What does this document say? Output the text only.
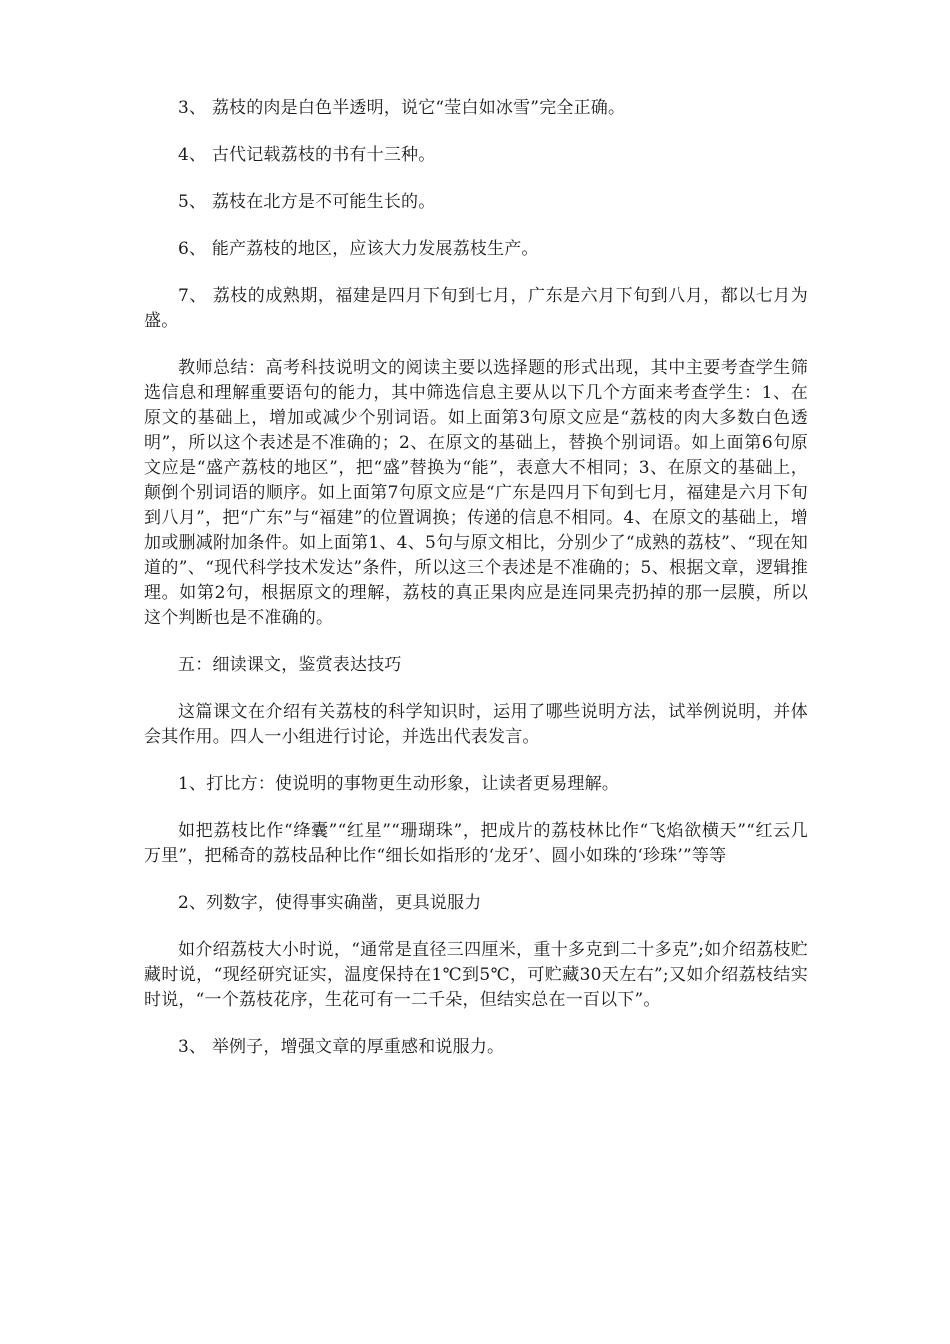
3、 荔枝的肉是白色半透明，说它“莹白如冰雪”完全正确。

4、 古代记载荔枝的书有十三种。

5、 荔枝在北方是不可能生长的。

6、 能产荔枝的地区，应该大力发展荔枝生产。

7、 荔枝的成熟期，福建是四月下旬到七月，广东是六月下旬到八月，都以七月为盛。

教师总结：高考科技说明文的阅读主要以选择题的形式出现，其中主要考查学生筛选信息和理解重要语句的能力，其中筛选信息主要从以下几个方面来考查学生：1、在原文的基础上，增加或减少个别词语。如上面第3句原文应是“荔枝的肉大多数白色透明”，所以这个表述是不准确的；2、在原文的基础上，替换个别词语。如上面第6句原文应是“盛产荔枝的地区”，把“盛”替换为“能”，表意大不相同；3、在原文的基础上，颠倒个别词语的顺序。如上面第7句原文应是“广东是四月下旬到七月，福建是六月下旬到八月”，把“广东”与“福建”的位置调换；传递的信息不相同。4、在原文的基础上，增加或删减附加条件。如上面第1、4、5句与原文相比，分别少了“成熟的荔枝”、“现在知道的”、“现代科学技术发达”条件，所以这三个表述是不准确的；5、根据文章，逻辑推理。如第2句，根据原文的理解，荔枝的真正果肉应是连同果壳扔掉的那一层膜，所以这个判断也是不准确的。

五：细读课文，鉴赏表达技巧

这篇课文在介绍有关荔枝的科学知识时，运用了哪些说明方法，试举例说明，并体会其作用。四人一小组进行讨论，并选出代表发言。

1、打比方：使说明的事物更生动形象，让读者更易理解。

如把荔枝比作“绛囊”“红星”“珊瑚珠”，把成片的荔枝林比作“飞焰欲横天”“红云几万里”，把稀奇的荔枝品种比作“细长如指形的‘龙牙’、圆小如珠的‘珍珠’”等等

2、列数字，使得事实确凿，更具说服力

如介绍荔枝大小时说，“通常是直径三四厘米，重十多克到二十多克”;如介绍荔枝贮藏时说，“现经研究证实，温度保持在1℃到5℃，可贮藏30天左右”;又如介绍荔枝结实时说，“一个荔枝花序，生花可有一二千朵，但结实总在一百以下”。

3、 举例子，增强文章的厚重感和说服力。
